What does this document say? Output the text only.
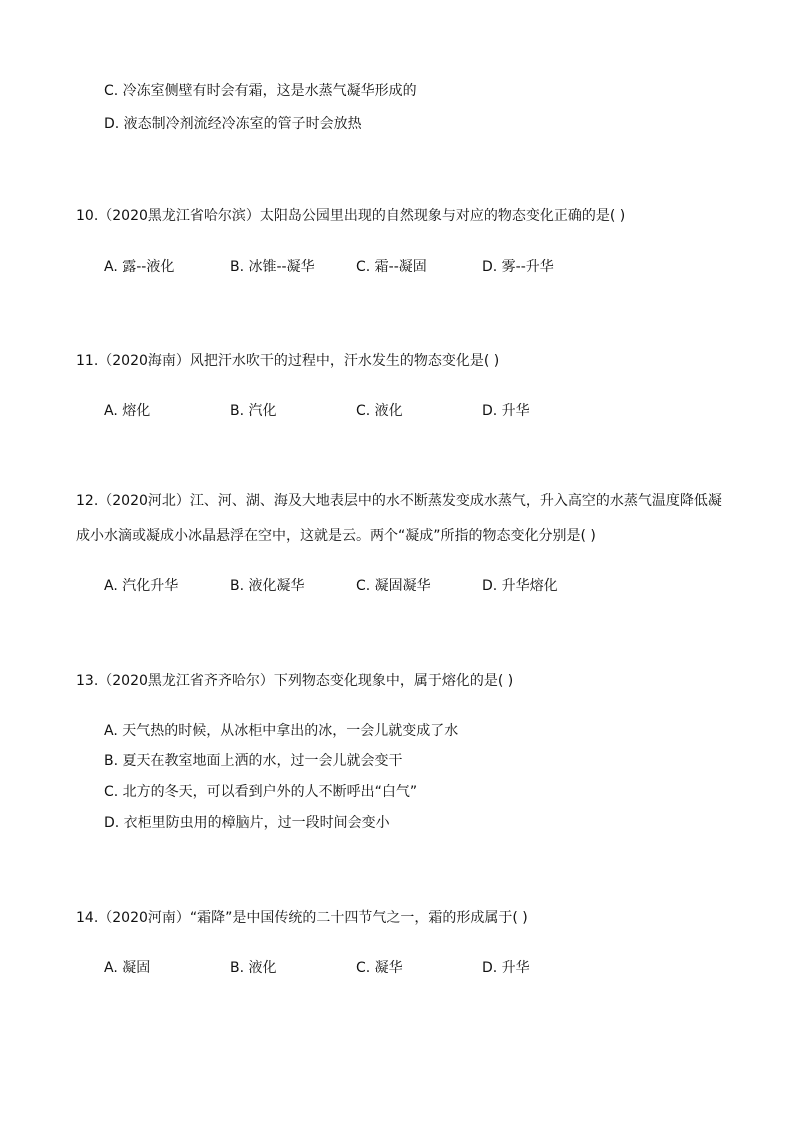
C. 冷冻室侧壁有时会有霜，这是水蒸气凝华形成的
D. 液态制冷剂流经冷冻室的管子时会放热
10.（2020黑龙江省哈尔滨）太阳岛公园里出现的自然现象与对应的物态变化正确的是( )
A. 露--液化	B. 冰锥--凝华	C. 霜--凝固	D. 雾--升华
11.（2020海南）风把汗水吹干的过程中，汗水发生的物态变化是( )
A. 熔化	B. 汽化	C. 液化	D. 升华
12.（2020河北）江、河、湖、海及大地表层中的水不断蒸发变成水蒸气，升入高空的水蒸气温度降低凝
成小水滴或凝成小冰晶悬浮在空中，这就是云。两个“凝成”所指的物态变化分别是( )
A. 汽化升华	B. 液化凝华	C. 凝固凝华	D. 升华熔化
13.（2020黑龙江省齐齐哈尔）下列物态变化现象中，属于熔化的是( )
A. 天气热的时候，从冰柜中拿出的冰，一会儿就变成了水
B. 夏天在教室地面上洒的水，过一会儿就会变干
C. 北方的冬天，可以看到户外的人不断呼出“白气”
D. 衣柜里防虫用的樟脑片，过一段时间会变小
14.（2020河南）“霜降”是中国传统的二十四节气之一，霜的形成属于( )
A. 凝固	B. 液化	C. 凝华	D. 升华
